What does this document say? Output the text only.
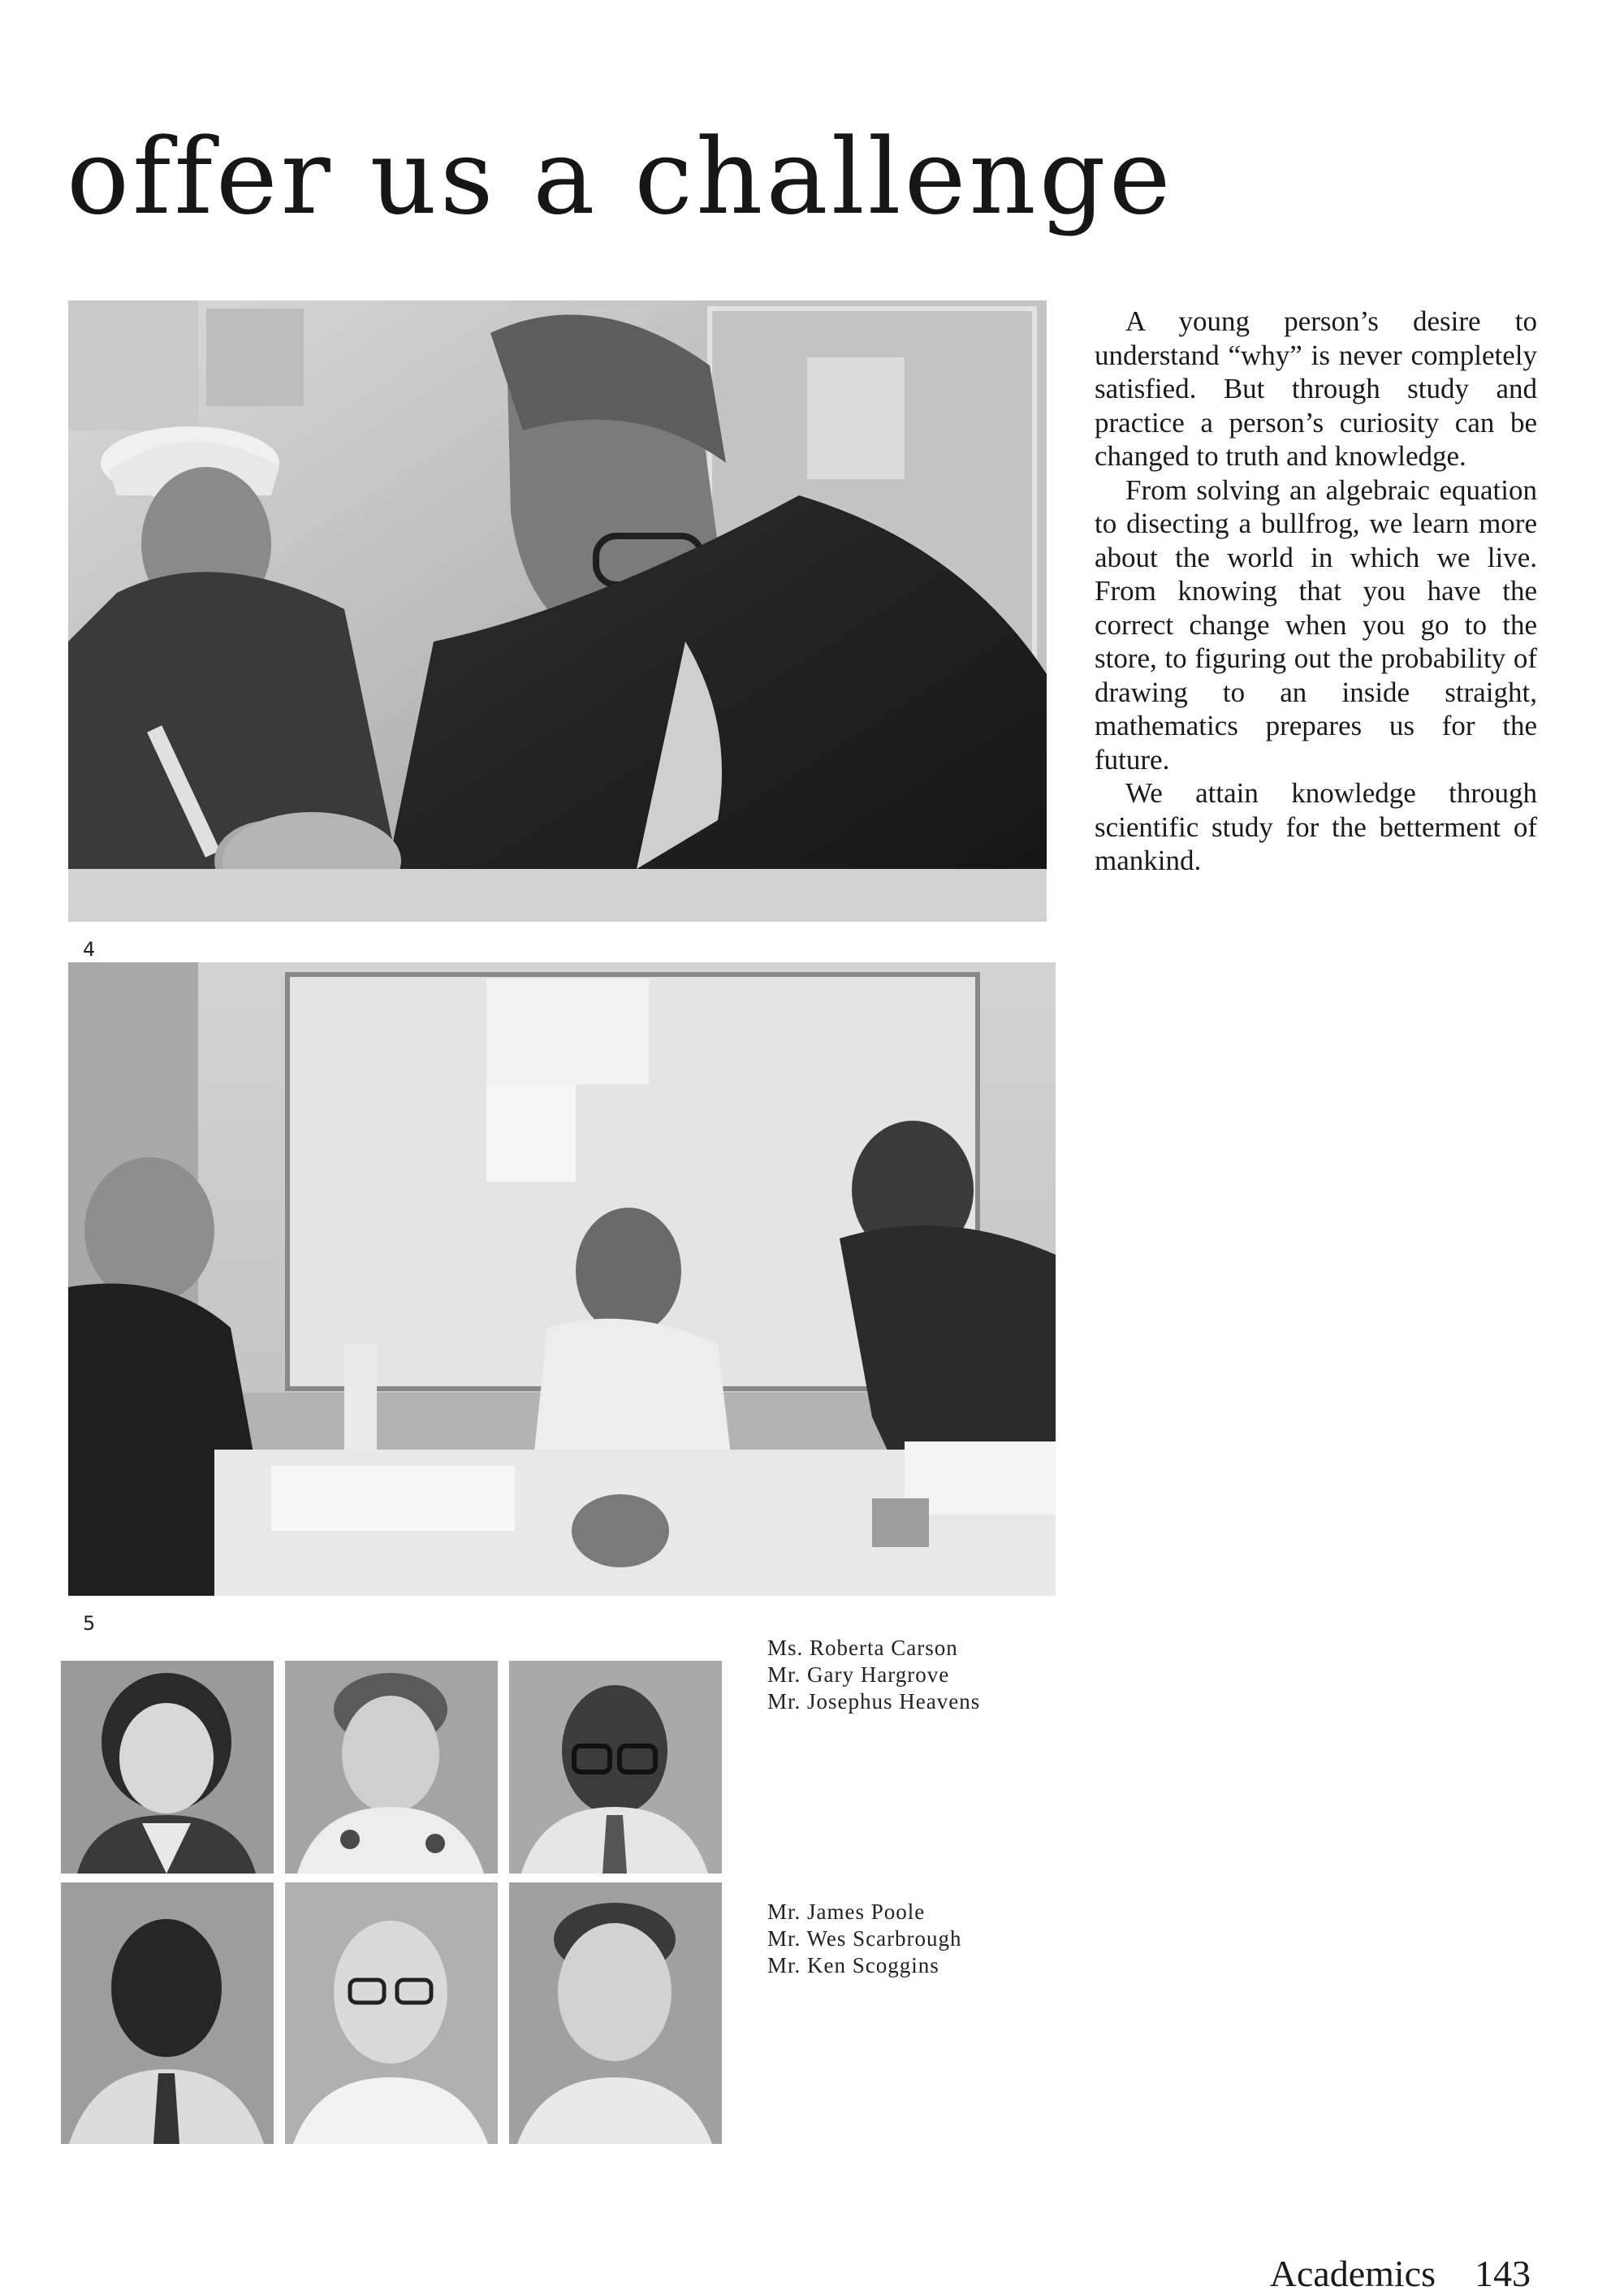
offer us a challenge
4
5

A young person’s desire to understand “why” is never completely satisfied. But through study and practice a person’s curiosity can be changed to truth and knowledge.

From solving an algebraic equation to disecting a bullfrog, we learn more about the world in which we live. From knowing that you have the correct change when you go to the store, to figuring out the probability of drawing to an inside straight, mathematics prepares us for the future.

We attain knowledge through scientific study for the betterment of mankind.

Ms. Roberta Carson
Mr. Gary Hargrove
Mr. Josephus Heavens
Mr. James Poole
Mr. Wes Scarbrough
Mr. Ken Scoggins
Academics 143
